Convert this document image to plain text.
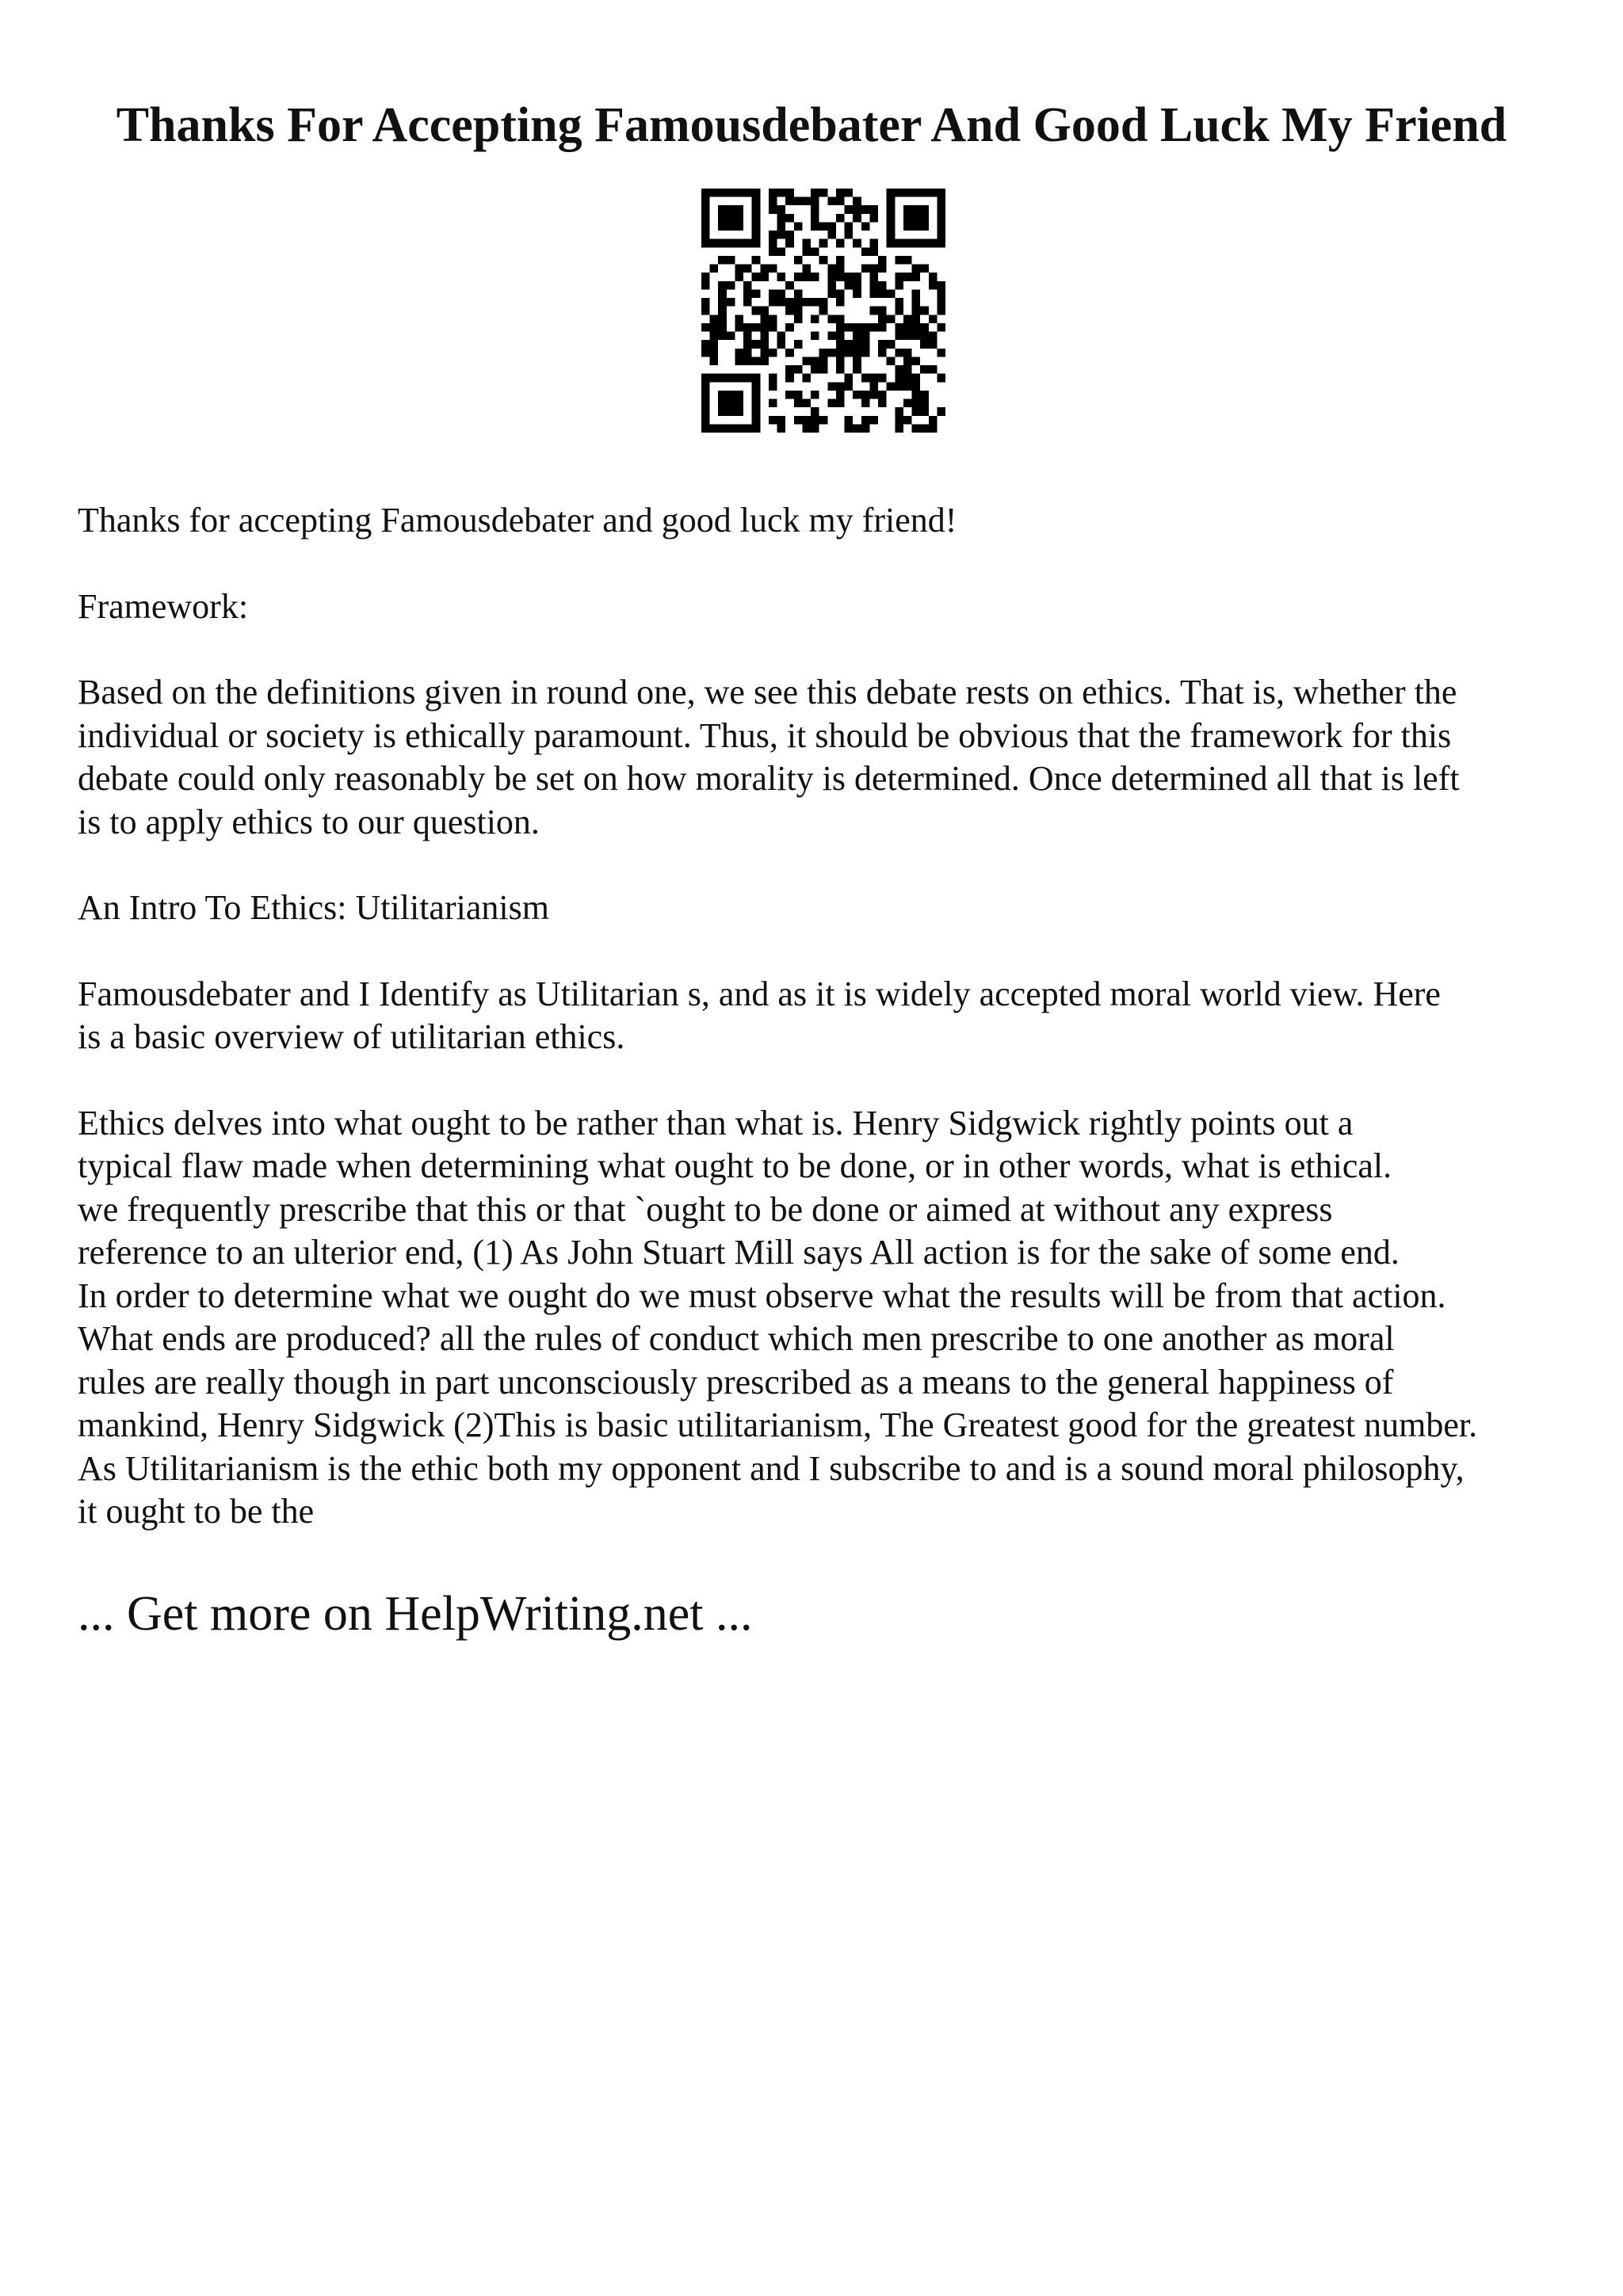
Thanks For Accepting Famousdebater And Good Luck My Friend

Thanks for accepting Famousdebater and good luck my friend!

Framework:

Based on the definitions given in round one, we see this debate rests on ethics. That is, whether the
individual or society is ethically paramount. Thus, it should be obvious that the framework for this
debate could only reasonably be set on how morality is determined. Once determined all that is left
is to apply ethics to our question.

An Intro To Ethics: Utilitarianism

Famousdebater and I Identify as Utilitarian s, and as it is widely accepted moral world view. Here
is a basic overview of utilitarian ethics.

Ethics delves into what ought to be rather than what is. Henry Sidgwick rightly points out a
typical flaw made when determining what ought to be done, or in other words, what is ethical.
we frequently prescribe that this or that `ought to be done or aimed at without any express
reference to an ulterior end, (1) As John Stuart Mill says All action is for the sake of some end.
In order to determine what we ought do we must observe what the results will be from that action.
What ends are produced? all the rules of conduct which men prescribe to one another as moral
rules are really though in part unconsciously prescribed as a means to the general happiness of
mankind, Henry Sidgwick (2)This is basic utilitarianism, The Greatest good for the greatest number.
As Utilitarianism is the ethic both my opponent and I subscribe to and is a sound moral philosophy,
it ought to be the

... Get more on HelpWriting.net ...
